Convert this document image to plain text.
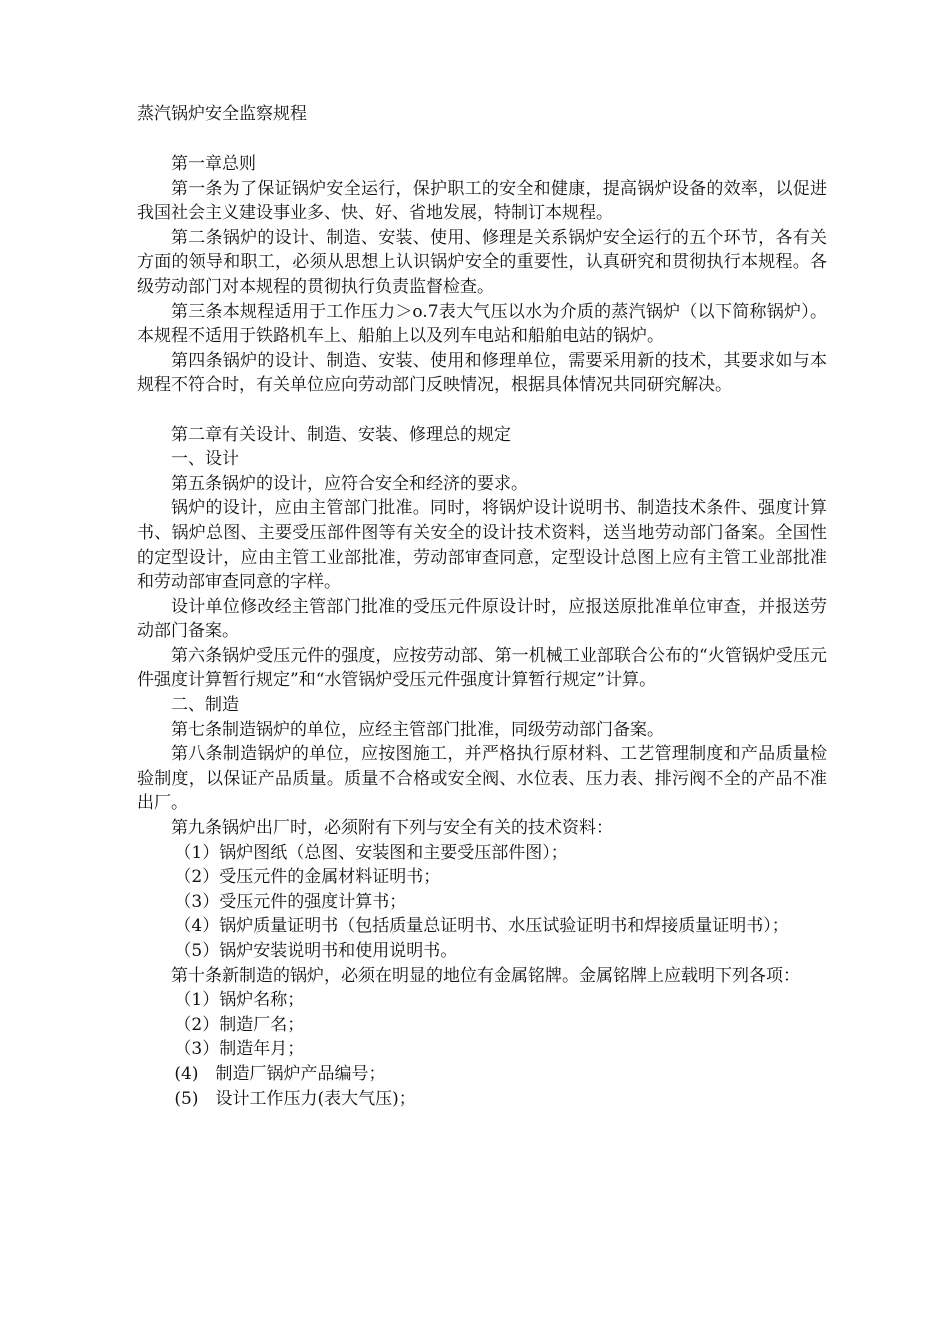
蒸汽锅炉安全监察规程

第一章总则

第一条为了保证锅炉安全运行，保护职工的安全和健康，提高锅炉设备的效率，以促进我国社会主义建设事业多、快、好、省地发展，特制订本规程。

第二条锅炉的设计、制造、安装、使用、修理是关系锅炉安全运行的五个环节，各有关方面的领导和职工，必须从思想上认识锅炉安全的重要性，认真研究和贯彻执行本规程。各级劳动部门对本规程的贯彻执行负责监督检查。

第三条本规程适用于工作压力＞o.7表大气压以水为介质的蒸汽锅炉（以下简称锅炉）。本规程不适用于铁路机车上、船舶上以及列车电站和船舶电站的锅炉。

第四条锅炉的设计、制造、安装、使用和修理单位，需要采用新的技术，其要求如与本规程不符合时，有关单位应向劳动部门反映情况，根据具体情况共同研究解决。

第二章有关设计、制造、安装、修理总的规定

一、设计

第五条锅炉的设计，应符合安全和经济的要求。

锅炉的设计，应由主管部门批准。同时，将锅炉设计说明书、制造技术条件、强度计算书、锅炉总图、主要受压部件图等有关安全的设计技术资料，送当地劳动部门备案。全国性的定型设计，应由主管工业部批准，劳动部审查同意，定型设计总图上应有主管工业部批准和劳动部审查同意的字样。

设计单位修改经主管部门批准的受压元件原设计时，应报送原批准单位审查，并报送劳动部门备案。

第六条锅炉受压元件的强度，应按劳动部、第一机械工业部联合公布的“火管锅炉受压元件强度计算暂行规定”和“水管锅炉受压元件强度计算暂行规定”计算。

二、制造

第七条制造锅炉的单位，应经主管部门批准，同级劳动部门备案。

第八条制造锅炉的单位，应按图施工，并严格执行原材料、工艺管理制度和产品质量检验制度，以保证产品质量。质量不合格或安全阀、水位表、压力表、排污阀不全的产品不准出厂。

第九条锅炉出厂时，必须附有下列与安全有关的技术资料：

（1）锅炉图纸（总图、安装图和主要受压部件图）；

（2）受压元件的金属材料证明书；

（3）受压元件的强度计算书；

（4）锅炉质量证明书（包括质量总证明书、水压试验证明书和焊接质量证明书）；

（5）锅炉安装说明书和使用说明书。

第十条新制造的锅炉，必须在明显的地位有金属铭牌。金属铭牌上应载明下列各项：

（1）锅炉名称；

（2）制造厂名；

（3）制造年月；

(4)　制造厂锅炉产品编号；

(5)　设计工作压力(表大气压)；
